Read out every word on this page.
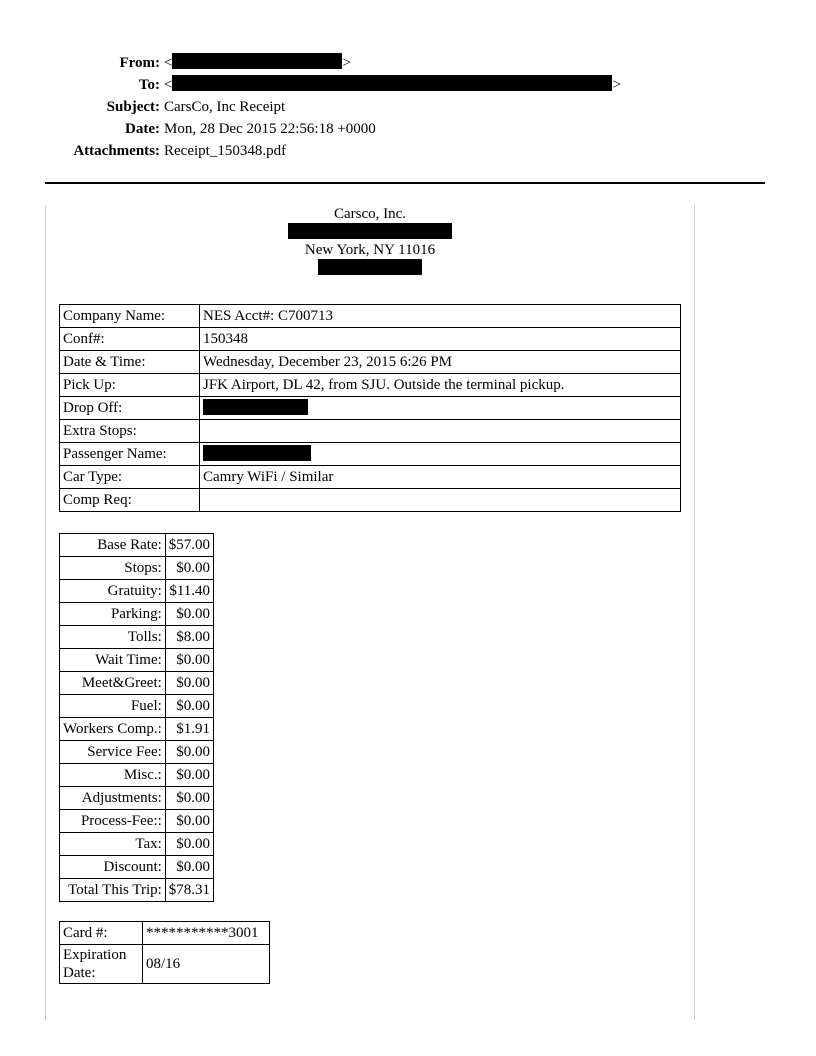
From: <	>
To: <	>
Subject: CarsCo, Inc Receipt
Date: Mon, 28 Dec 2015 22:56:18 +0000
Attachments: Receipt_150348.pdf
Carsco, Inc.
New York, NY 11016
Company Name:	NES Acct#: C700713
Conf#:	150348
Date & Time:	Wednesday, December 23, 2015 6:26 PM
Pick Up:	JFK Airport, DL 42, from SJU. Outside the terminal pickup.
Drop Off:	
Extra Stops:	
Passenger Name:	
Car Type:	Camry WiFi / Similar
Comp Req:	
Base Rate:	$57.00
Stops:	$0.00
Gratuity:	$11.40
Parking:	$0.00
Tolls:	$8.00
Wait Time:	$0.00
Meet&Greet:	$0.00
Fuel:	$0.00
Workers Comp.:	$1.91
Service Fee:	$0.00
Misc.:	$0.00
Adjustments:	$0.00
Process-Fee::	$0.00
Tax:	$0.00
Discount:	$0.00
Total This Trip:	$78.31
Card #:	***********3001
Expiration Date:	08/16
